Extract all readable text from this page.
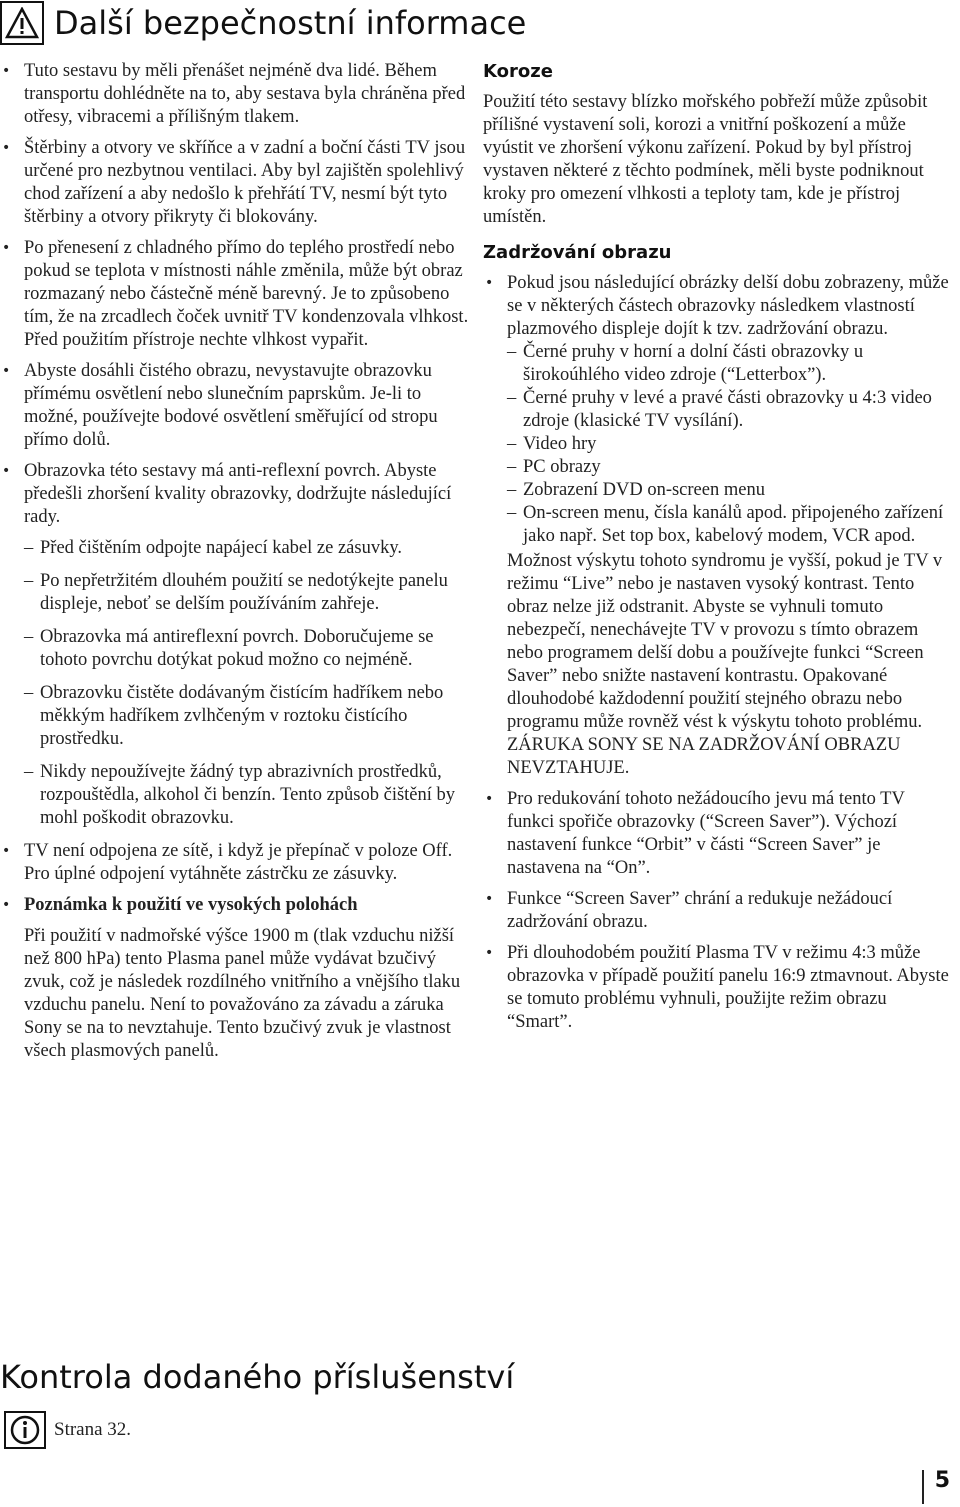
Další bezpečnostní informace
• Tuto sestavu by měli přenášet nejméně dva lidé. Během transportu dohlédněte na to, aby sestava byla chráněna před otřesy, vibracemi a přílišným tlakem.
• Štěrbiny a otvory ve skříňce a v zadní a boční části TV jsou určené pro nezbytnou ventilaci. Aby byl zajištěn spolehlivý chod zařízení a aby nedošlo k přehřátí TV, nesmí být tyto štěrbiny a otvory přikryty či blokovány.
• Po přenesení z chladného přímo do teplého prostředí nebo pokud se teplota v místnosti náhle změnila, může být obraz rozmazaný nebo částečně méně barevný. Je to způsobeno tím, že na zrcadlech čoček uvnitř TV kondenzovala vlhkost. Před použitím přístroje nechte vlhkost vypařit.
• Abyste dosáhli čistého obrazu, nevystavujte obrazovku přímému osvětlení nebo slunečním paprskům. Je-li to možné, používejte bodové osvětlení směřující od stropu přímo dolů.
• Obrazovka této sestavy má anti-reflexní povrch. Abyste předešli zhoršení kvality obrazovky, dodržujte následující rady.
– Před čištěním odpojte napájecí kabel ze zásuvky.
– Po nepřetržitém dlouhém použití se nedotýkejte panelu displeje, neboť se delším používáním zahřeje.
– Obrazovka má antireflexní povrch. Doboručujeme se tohoto povrchu dotýkat pokud možno co nejméně.
– Obrazovku čistěte dodávaným čistícím hadříkem nebo měkkým hadříkem zvlhčeným v roztoku čistícího prostředku.
– Nikdy nepoužívejte žádný typ abrazivních prostředků, rozpouštědla, alkohol či benzín. Tento způsob čištění by mohl poškodit obrazovku.
• TV není odpojena ze sítě, i když je přepínač v poloze Off. Pro úplné odpojení vytáhněte zástrčku ze zásuvky.
• Poznámka k použití ve vysokých polohách
Při použití v nadmořské výšce 1900 m (tlak vzduchu nižší než 800 hPa) tento Plasma panel může vydávat bzučivý zvuk, což je následek rozdílného vnitřního a vnějšího tlaku vzduchu panelu. Není to považováno za závadu a záruka Sony se na to nevztahuje. Tento bzučivý zvuk je vlastnost všech plasmových panelů.
Koroze

Použití této sestavy blízko mořského pobřeží může způsobit přílišné vystavení soli, korozi a vnitřní poškození a může vyústit ve zhoršení výkonu zařízení. Pokud by byl přístroj vystaven některé z těchto podmínek, měli byste podniknout kroky pro omezení vlhkosti a teploty tam, kde je přístroj umístěn.

Zadržování obrazu
• Pokud jsou následující obrázky delší dobu zobrazeny, může se v některých částech obrazovky následkem vlastností plazmového displeje dojít k tzv. zadržování obrazu.
– Černé pruhy v horní a dolní části obrazovky u širokoúhlého video zdroje (“Letterbox”).
– Černé pruhy v levé a pravé části obrazovky u 4:3 video zdroje (klasické TV vysílání).
– Video hry
– PC obrazy
– Zobrazení DVD on-screen menu
– On-screen menu, čísla kanálů apod. připojeného zařízení jako např. Set top box, kabelový modem, VCR apod.
Možnost výskytu tohoto syndromu je vyšší, pokud je TV v režimu “Live” nebo je nastaven vysoký kontrast. Tento obraz nelze již odstranit. Abyste se vyhnuli tomuto nebezpečí, nenechávejte TV v provozu s tímto obrazem nebo programem delší dobu a používejte funkci “Screen Saver” nebo snižte nastavení kontrastu. Opakované dlouhodobé každodenní použití stejného obrazu nebo programu může rovněž vést k výskytu tohoto problému. ZÁRUKA SONY SE NA ZADRŽOVÁNÍ OBRAZU NEVZTAHUJE.
• Pro redukování tohoto nežádoucího jevu má tento TV funkci spořiče obrazovky (“Screen Saver”). Výchozí nastavení funkce “Orbit” v části “Screen Saver” je nastavena na “On”.
• Funkce “Screen Saver” chrání a redukuje nežádoucí zadržování obrazu.
• Při dlouhodobém použití Plasma TV v režimu 4:3 může obrazovka v případě použití panelu 16:9 ztmavnout. Abyste se tomuto problému vyhnuli, použijte režim obrazu “Smart”.
Kontrola dodaného příslušenství
Strana 32.
5
